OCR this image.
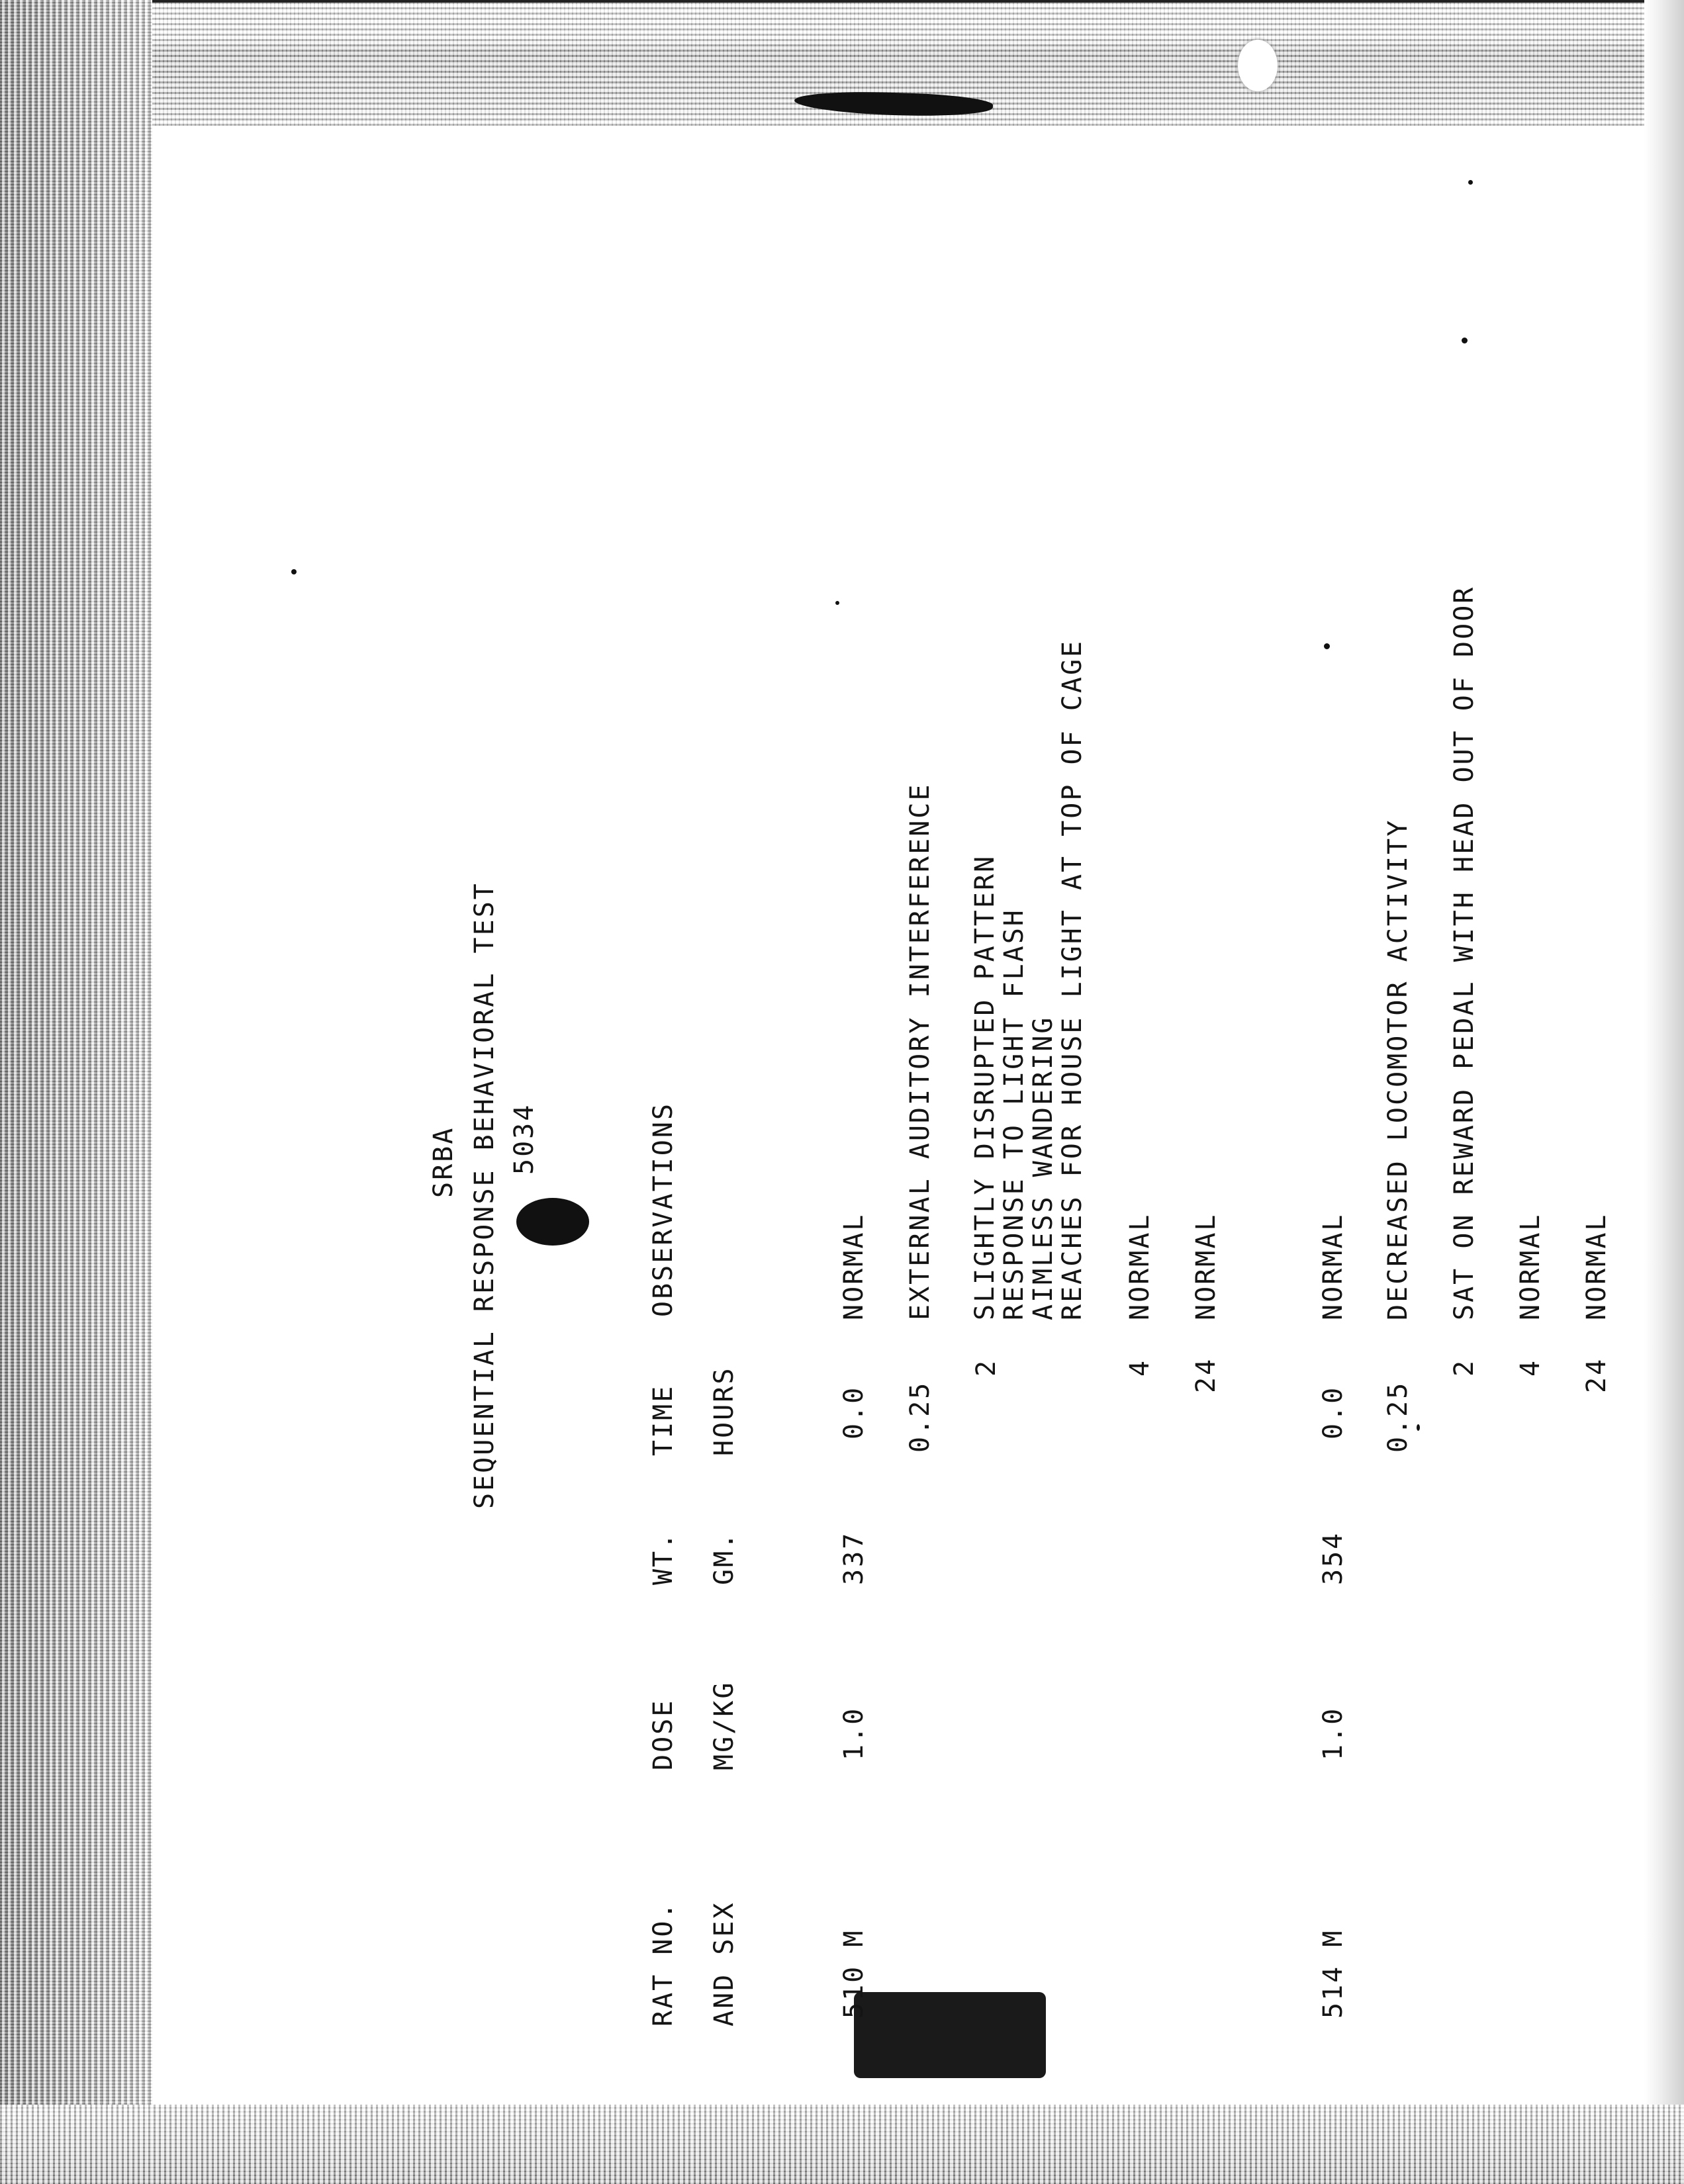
SRBA SEQUENTIAL RESPONSE BEHAVIORAL TEST 5034
RAT NO. AND SEX
DOSE MG/KG
WT. GM.
TIME HOURS
OBSERVATIONS
510 M
1.0
337
0.0
NORMAL
0.25
EXTERNAL AUDITORY INTERFERENCE
2
SLIGHTLY DISRUPTED PATTERN
RESPONSE TO LIGHT FLASH
AIMLESS WANDERING
REACHES FOR HOUSE LIGHT AT TOP OF CAGE
4
NORMAL
24
NORMAL
514 M
1.0
354
0.0
NORMAL
0.25
DECREASED LOCOMOTOR ACTIVITY
2
SAT ON REWARD PEDAL WITH HEAD OUT OF DOOR
4
NORMAL
24
NORMAL
